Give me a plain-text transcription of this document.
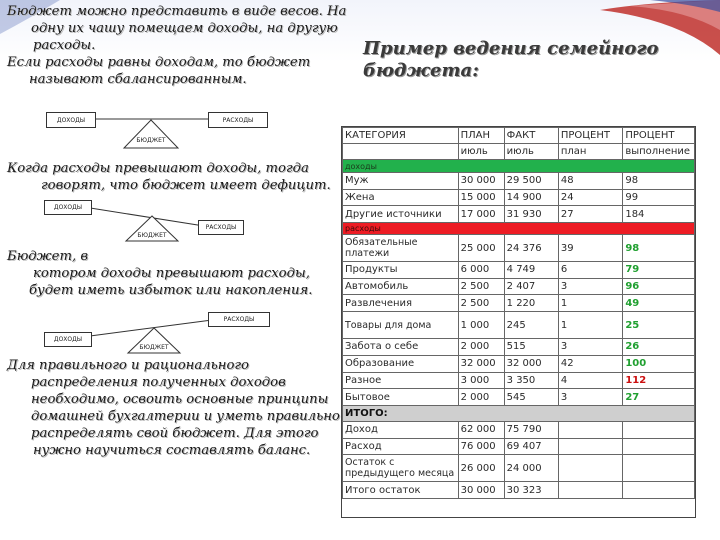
Бюджет можно представить в виде весов. На
одну их чашу помещаем доходы, на другую
расходы.
Если расходы равны доходам, то бюджет
называют сбалансированным.
ДОХОДЫ	РАСХОДЫ
БЮДЖЕТ
Когда расходы превышают доходы, тогда
говорят, что бюджет имеет дефицит.
ДОХОДЫ
РАСХОДЫ
БЮДЖЕТ
Бюджет, в
котором доходы превышают расходы,
будет иметь избыток или накопления.
ДОХОДЫ
РАСХОДЫ
БЮДЖЕТ
Для правильного и рационального
распределения полученных доходов
необходимо, освоить основные принципы
домашней бухгалтерии и уметь правильно
распределять свой бюджет. Для этого
нужно научиться составлять баланс.
Пример ведения семейного
бюджета:
КАТЕГОРИЯ	ПЛАН	ФАКТ	ПРОЦЕНТ	ПРОЦЕНТ
	июль	июль	план	выполнение
доходы				
Муж	30 000	29 500	48	98
Жена	15 000	14 900	24	99
Другие источники	17 000	31 930	27	184
расходы				
Обязательные платежи	25 000	24 376	39	98
Продукты	6 000	4 749	6	79
Автомобиль	2 500	2 407	3	96
Развлечения	2 500	1 220	1	49
Товары для дома	1 000	245	1	25
Забота о себе	2 000	515	3	26
Образование	32 000	32 000	42	100
Разное	3 000	3 350	4	112
Бытовое	2 000	545	3	27
ИТОГО:				
Доход	62 000	75 790		
Расход	76 000	69 407		
Остаток с предыдущего месяца	26 000	24 000		
Итого остаток	30 000	30 323		
